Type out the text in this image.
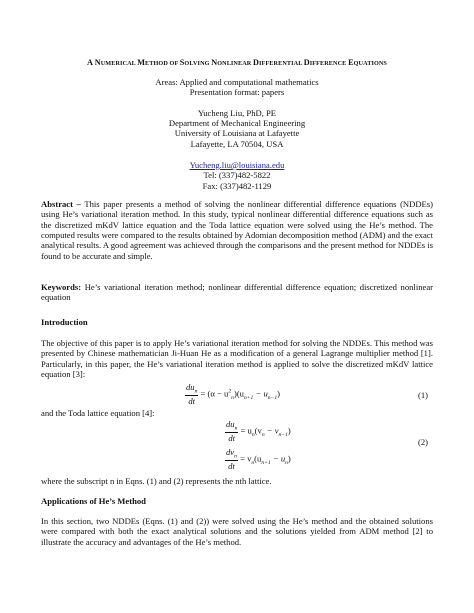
A NUMERICAL METHOD OF SOLVING NONLINEAR DIFFERENTIAL DIFFERENCE EQUATIONS
Areas: Applied and computational mathematics
Presentation format: papers
Yucheng Liu, PhD, PE
Department of Mechanical Engineering
University of Louisiana at Lafayette
Lafayette, LA 70504, USA
Yucheng.liu@louisiana.edu
Tel: (337)482-5822
Fax: (337)482-1129
Abstract – This paper presents a method of solving the nonlinear differential difference equations (NDDEs) using He’s variational iteration method. In this study, typical nonlinear differential difference equations such as the discretized mKdV lattice equation and the Toda lattice equation were solved using the He’s method. The computed results were compared to the results obtained by Adomian decomposition method (ADM) and the exact analytical results. A good agreement was achieved through the comparisons and the present method for NDDEs is found to be accurate and simple.
Keywords: He’s variational iteration method; nonlinear differential difference equation; discretized nonlinear equation
Introduction
The objective of this paper is to apply He’s variational iteration method for solving the NDDEs. This method was presented by Chinese mathematician Ji-Huan He as a modification of a general Lagrange multiplier method [1]. Particularly, in this paper, the He’s variational iteration method is applied to solve the discretized mKdV lattice equation [3]:
$\frac{du_n}{dt} = (\alpha - u^2_n)(u_{n+1} - u_{n-1})$	(1)
and the Toda lattice equation [4]:
$\frac{du_n}{dt} = u_n(v_n - v_{n-1})$
$\frac{dv_n}{dt} = v_n(u_{n+1} - u_n)$
(2)
where the subscript n in Eqns. (1) and (2) represents the nth lattice.
Applications of He’s Method
In this section, two NDDEs (Eqns. (1) and (2)) were solved using the He’s method and the obtained solutions were compared with both the exact analytical solutions and the solutions yielded from ADM method [2] to illustrate the accuracy and advantages of the He’s method.
